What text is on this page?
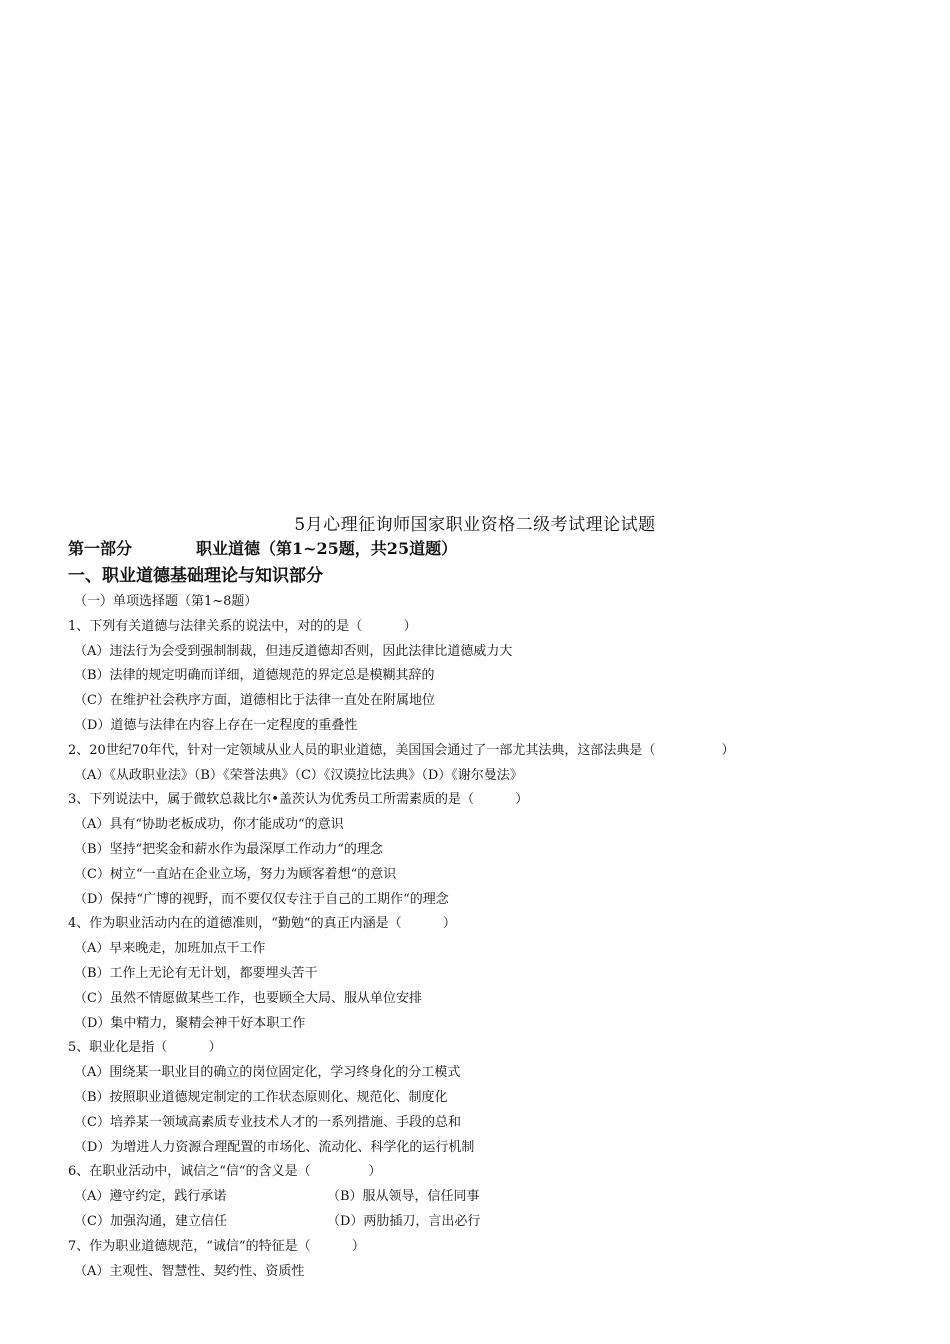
5月心理征询师国家职业资格二级考试理论试题
第一部分	职业道德（第1~25题，共25道题）
一、职业道德基础理论与知识部分
（一）单项选择题（第1~8题）
1、下列有关道德与法律关系的说法中，对的的是（          ）
（A）违法行为会受到强制制裁，但违反道德却否则，因此法律比道德威力大
（B）法律的规定明确而详细，道德规范的界定总是模糊其辞的
（C）在维护社会秩序方面，道德相比于法律一直处在附属地位
（D）道德与法律在内容上存在一定程度的重叠性
2、20世纪70年代，针对一定领域从业人员的职业道德，美国国会通过了一部尤其法典，这部法典是（                ）
（A）《从政职业法》（B）《荣誉法典》（C）《汉谟拉比法典》（D）《谢尔曼法》
3、下列说法中，属于微软总裁比尔•盖茨认为优秀员工所需素质的是（          ）
（A）具有“协助老板成功，你才能成功“的意识
（B）坚持“把奖金和薪水作为最深厚工作动力“的理念
（C）树立“一直站在企业立场，努力为顾客着想“的意识
（D）保持“广博的视野，而不要仅仅专注于自己的工期作“的理念
4、作为职业活动内在的道德准则，“勤勉“的真正内涵是（          ）
（A）早来晚走，加班加点干工作
（B）工作上无论有无计划，都要埋头苦干
（C）虽然不情愿做某些工作，也要顾全大局、服从单位安排
（D）集中精力，聚精会神干好本职工作
5、职业化是指（          ）
（A）围绕某一职业目的确立的岗位固定化，学习终身化的分工模式
（B）按照职业道德规定制定的工作状态原则化、规范化、制度化
（C）培养某一领域高素质专业技术人才的一系列措施、手段的总和
（D）为增进人力资源合理配置的市场化、流动化、科学化的运行机制
6、在职业活动中，诚信之“信“的含义是（              ）
（A）遵守约定，践行承诺	（B）服从领导，信任同事
（C）加强沟通，建立信任	（D）两肋插刀，言出必行
7、作为职业道德规范，“诚信“的特征是（          ）
（A）主观性、智慧性、契约性、资质性
